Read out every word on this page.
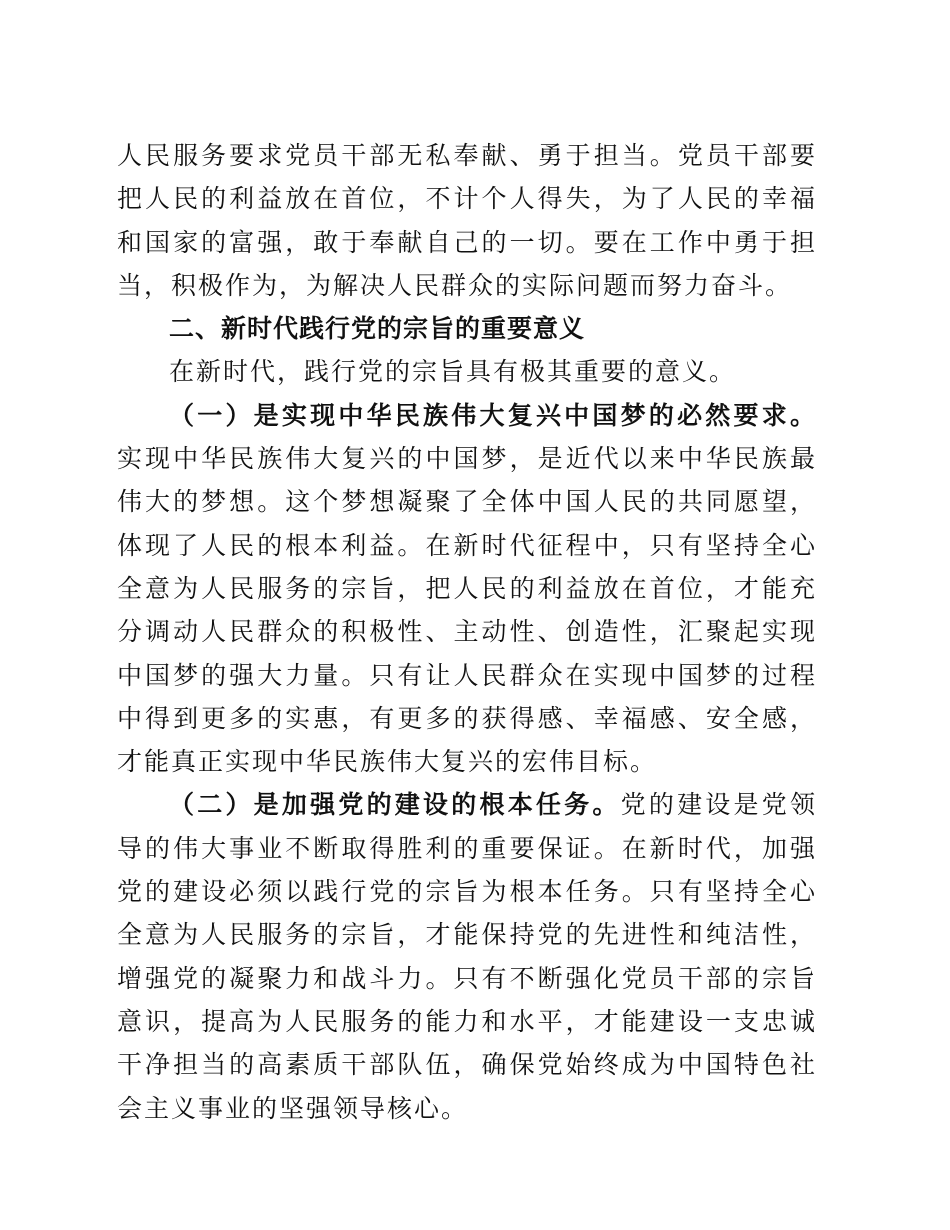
人民服务要求党员干部无私奉献、勇于担当。党员干部要把人民的利益放在首位，不计个人得失，为了人民的幸福和国家的富强，敢于奉献自己的一切。要在工作中勇于担当，积极作为，为解决人民群众的实际问题而努力奋斗。

二、新时代践行党的宗旨的重要意义

在新时代，践行党的宗旨具有极其重要的意义。

（一）是实现中华民族伟大复兴中国梦的必然要求。实现中华民族伟大复兴的中国梦，是近代以来中华民族最伟大的梦想。这个梦想凝聚了全体中国人民的共同愿望，体现了人民的根本利益。在新时代征程中，只有坚持全心全意为人民服务的宗旨，把人民的利益放在首位，才能充分调动人民群众的积极性、主动性、创造性，汇聚起实现中国梦的强大力量。只有让人民群众在实现中国梦的过程中得到更多的实惠，有更多的获得感、幸福感、安全感，才能真正实现中华民族伟大复兴的宏伟目标。

（二）是加强党的建设的根本任务。党的建设是党领导的伟大事业不断取得胜利的重要保证。在新时代，加强党的建设必须以践行党的宗旨为根本任务。只有坚持全心全意为人民服务的宗旨，才能保持党的先进性和纯洁性，增强党的凝聚力和战斗力。只有不断强化党员干部的宗旨意识，提高为人民服务的能力和水平，才能建设一支忠诚干净担当的高素质干部队伍，确保党始终成为中国特色社会主义事业的坚强领导核心。
